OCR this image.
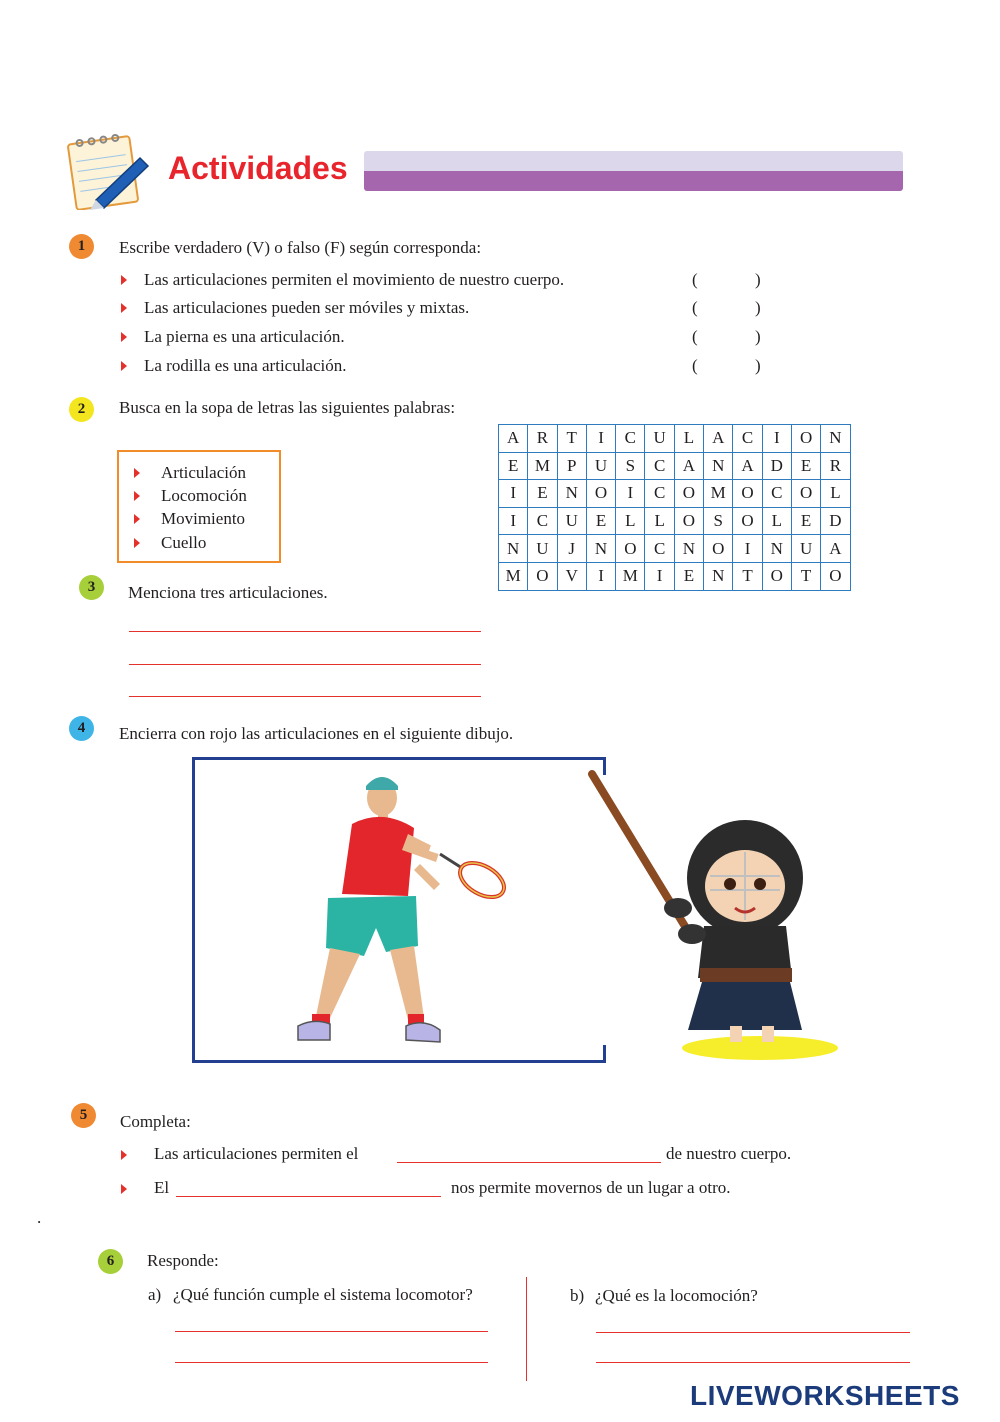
Actividades
1	Escribe verdadero (V) o falso (F) según corresponda:
Las articulaciones permiten el movimiento de nuestro cuerpo.	(	)
Las articulaciones pueden ser móviles y mixtas.	(	)
La pierna es una articulación.	(	)
La rodilla es una articulación.	(	)
2	Busca en la sopa de letras las siguientes palabras:
Articulación
Locomoción
Movimiento
Cuello
A	R	T	I	C	U	L	A	C	I	O	N
E	M	P	U	S	C	A	N	A	D	E	R
I	E	N	O	I	C	O	M	O	C	O	L
I	C	U	E	L	L	O	S	O	L	E	D
N	U	J	N	O	C	N	O	I	N	U	A
M	O	V	I	M	I	E	N	T	O	T	O
3	Menciona tres articulaciones.
4	Encierra con rojo las articulaciones en el siguiente dibujo.
5	Completa:
Las articulaciones permiten el	de nuestro cuerpo.
El	nos permite movernos de un lugar a otro.
.
6	Responde:
a) ¿Qué función cumple el sistema locomotor?	b) ¿Qué es la locomoción?
LIVEWORKSHEETS
